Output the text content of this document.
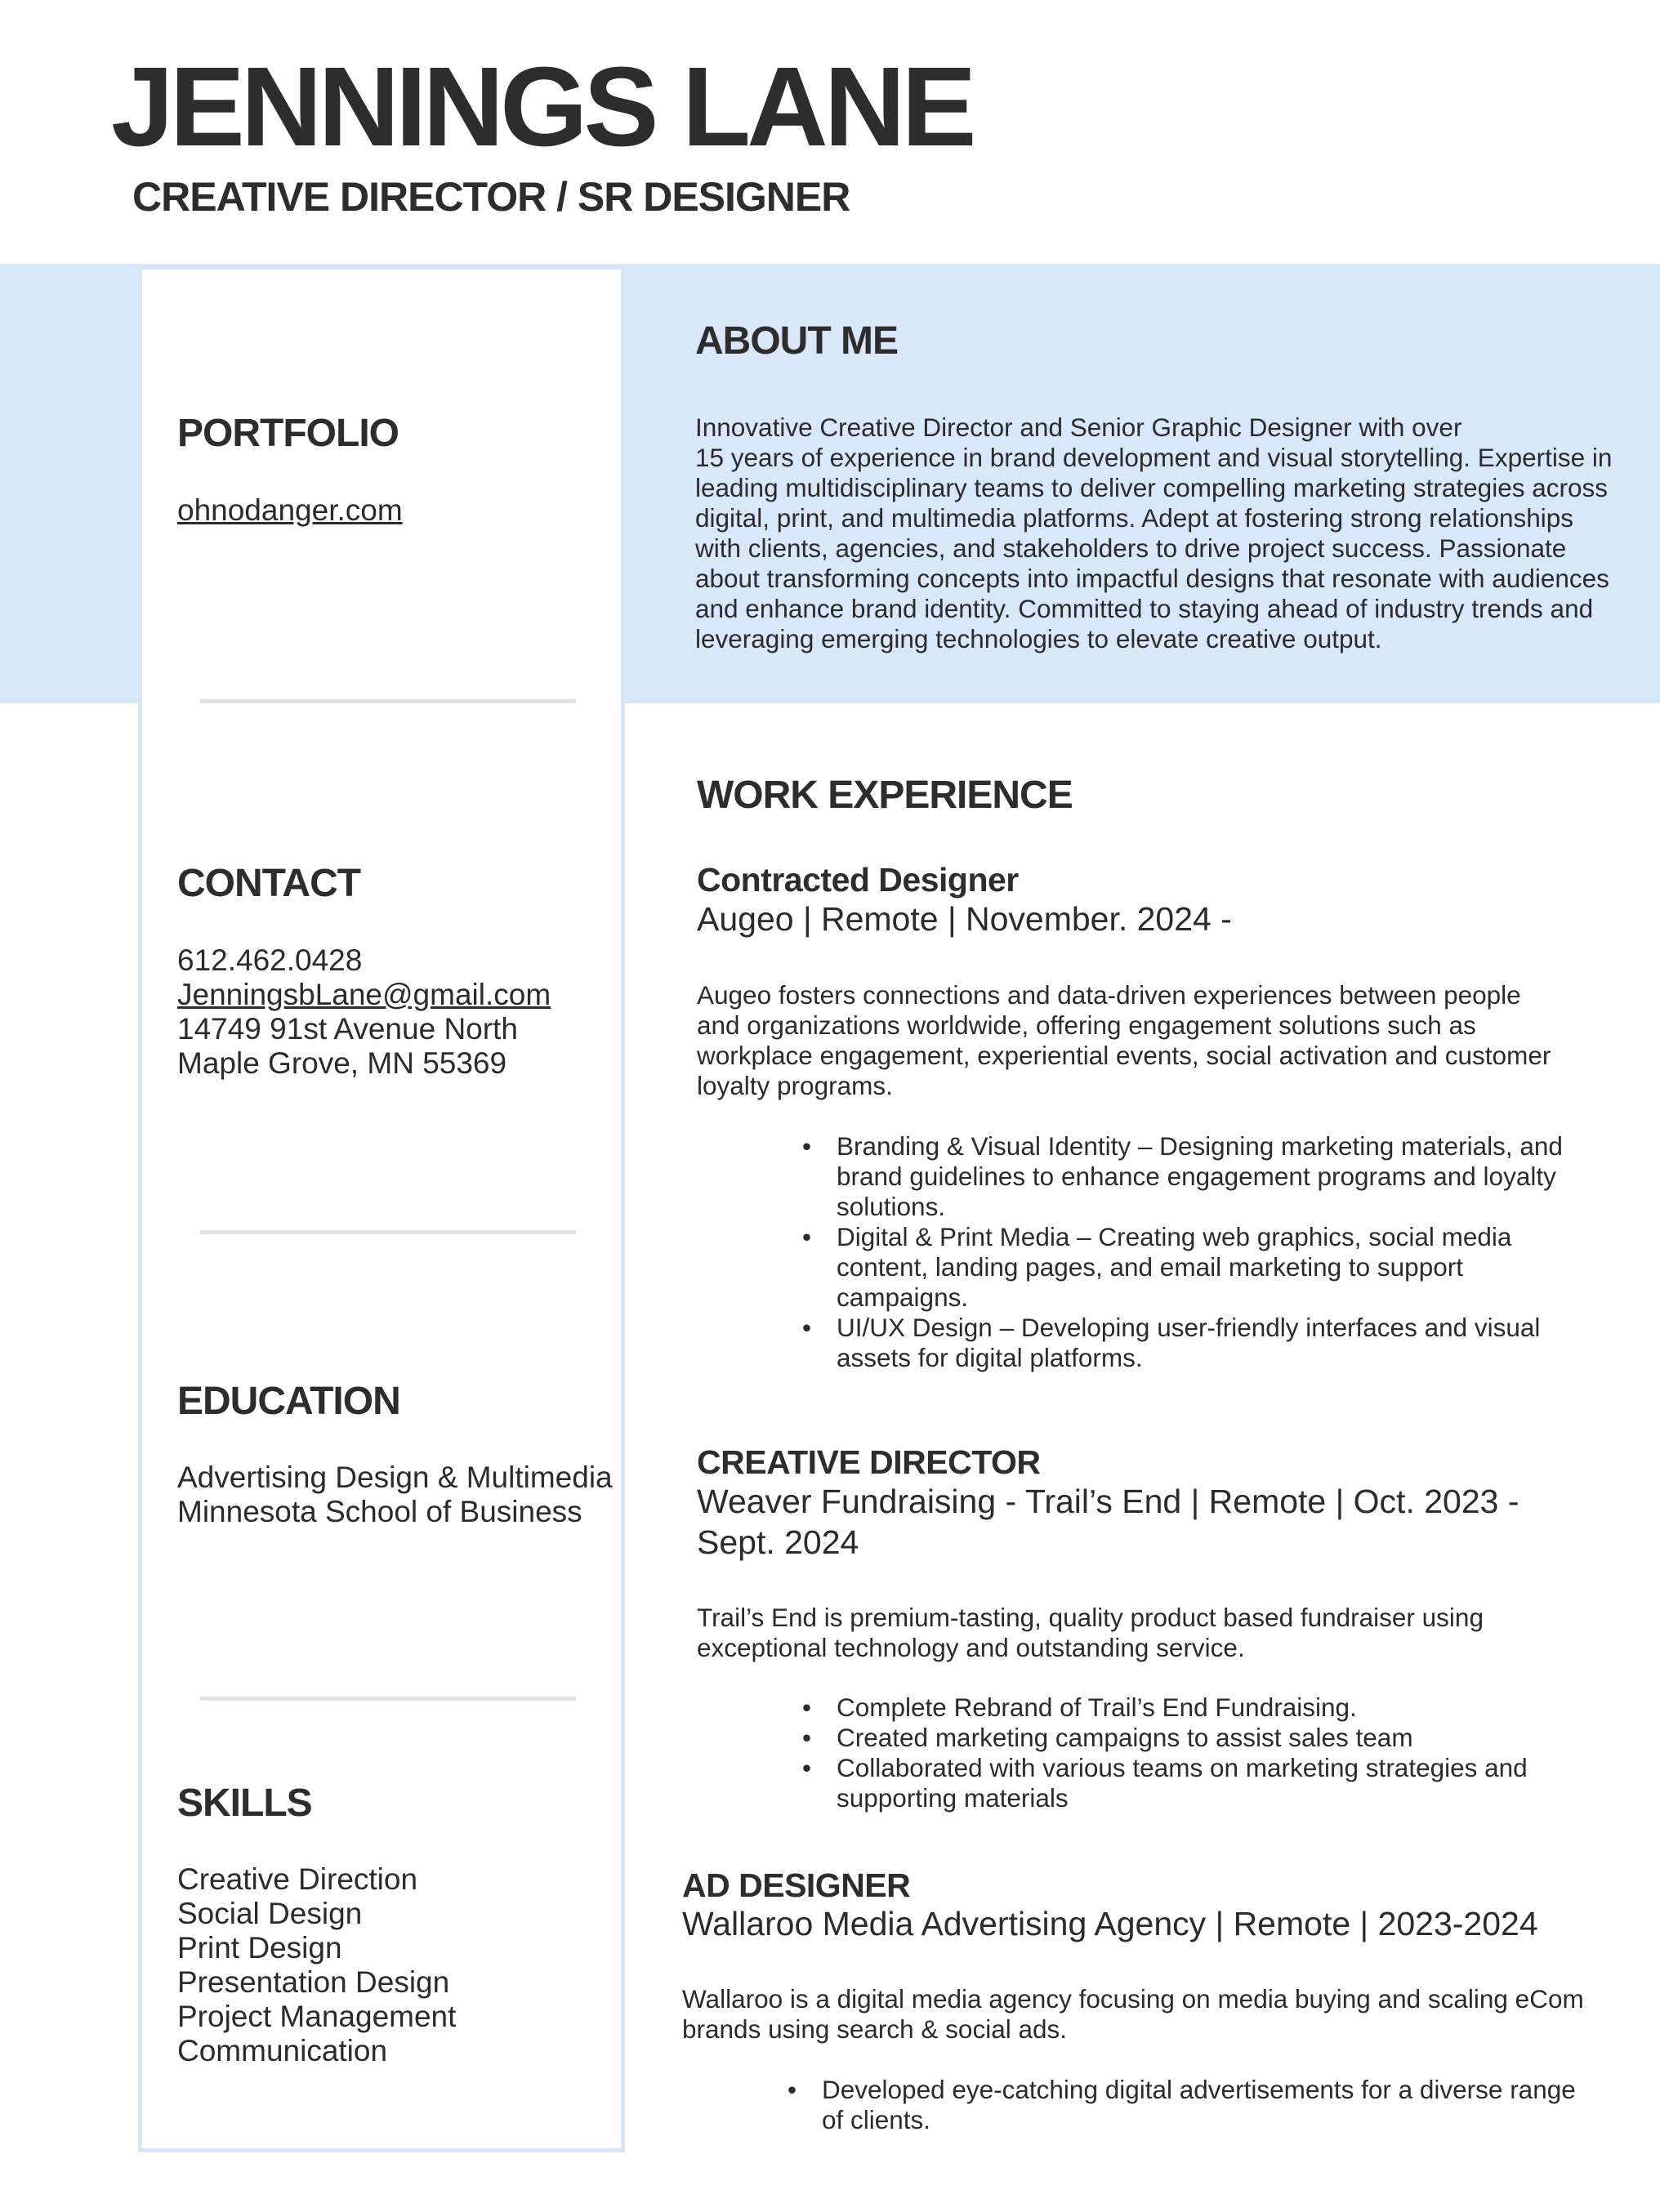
JENNINGS LANE
CREATIVE DIRECTOR / SR DESIGNER
PORTFOLIO
ohnodanger.com
CONTACT
612.462.0428
JenningsbLane@gmail.com
14749 91st Avenue North
Maple Grove, MN 55369
EDUCATION
Advertising Design & Multimedia
Minnesota School of Business
SKILLS
Creative Direction
Social Design
Print Design
Presentation Design
Project Management
Communication
ABOUT ME
Innovative Creative Director and Senior Graphic Designer with over
15 years of experience in brand development and visual storytelling. Expertise in
leading multidisciplinary teams to deliver compelling marketing strategies across
digital, print, and multimedia platforms. Adept at fostering strong relationships
with clients, agencies, and stakeholders to drive project success. Passionate
about transforming concepts into impactful designs that resonate with audiences
and enhance brand identity. Committed to staying ahead of industry trends and
leveraging emerging technologies to elevate creative output.
WORK EXPERIENCE
Contracted Designer
Augeo | Remote | November. 2024 -
Augeo fosters connections and data-driven experiences between people
and organizations worldwide, offering engagement solutions such as
workplace engagement, experiential events, social activation and customer
loyalty programs.
• Branding & Visual Identity – Designing marketing materials, and
brand guidelines to enhance engagement programs and loyalty
solutions.
• Digital & Print Media – Creating web graphics, social media
content, landing pages, and email marketing to support
campaigns.
• UI/UX Design – Developing user-friendly interfaces and visual
assets for digital platforms.
CREATIVE DIRECTOR
Weaver Fundraising - Trail’s End | Remote | Oct. 2023 -
Sept. 2024
Trail’s End is premium-tasting, quality product based fundraiser using
exceptional technology and outstanding service.
• Complete Rebrand of Trail’s End Fundraising.
• Created marketing campaigns to assist sales team
• Collaborated with various teams on marketing strategies and
supporting materials
AD DESIGNER
Wallaroo Media Advertising Agency | Remote | 2023-2024
Wallaroo is a digital media agency focusing on media buying and scaling eCom
brands using search & social ads.
• Developed eye-catching digital advertisements for a diverse range
of clients.
